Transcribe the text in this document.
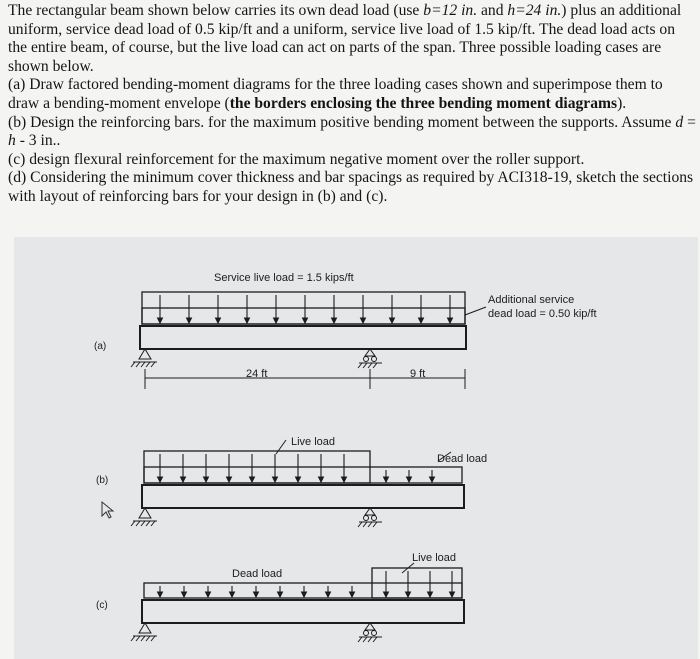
The rectangular beam shown below carries its own dead load (use b=12 in. and h=24 in.) plus an additional uniform, service dead load of 0.5 kip/ft and a uniform, service live load of 1.5 kip/ft. The dead load acts on the entire beam, of course, but the live load can act on parts of the span. Three possible loading cases are shown below.

(a) Draw factored bending-moment diagrams for the three loading cases shown and superimpose them to draw a bending-moment envelope (the borders enclosing the three bending moment diagrams).

(b) Design the reinforcing bars. for the maximum positive bending moment between the supports. Assume d = h - 3 in..

(c) design flexural reinforcement for the maximum negative moment over the roller support.

(d) Considering the minimum cover thickness and bar spacings as required by ACI318-19, sketch the sections with layout of reinforcing bars for your design in (b) and (c).

Service live load = 1.5 kips/ft
Additional service
dead load = 0.50 kip/ft
(a)
24 ft	9 ft
Live load
Dead load
(b)
Live load
Dead load
(c)
